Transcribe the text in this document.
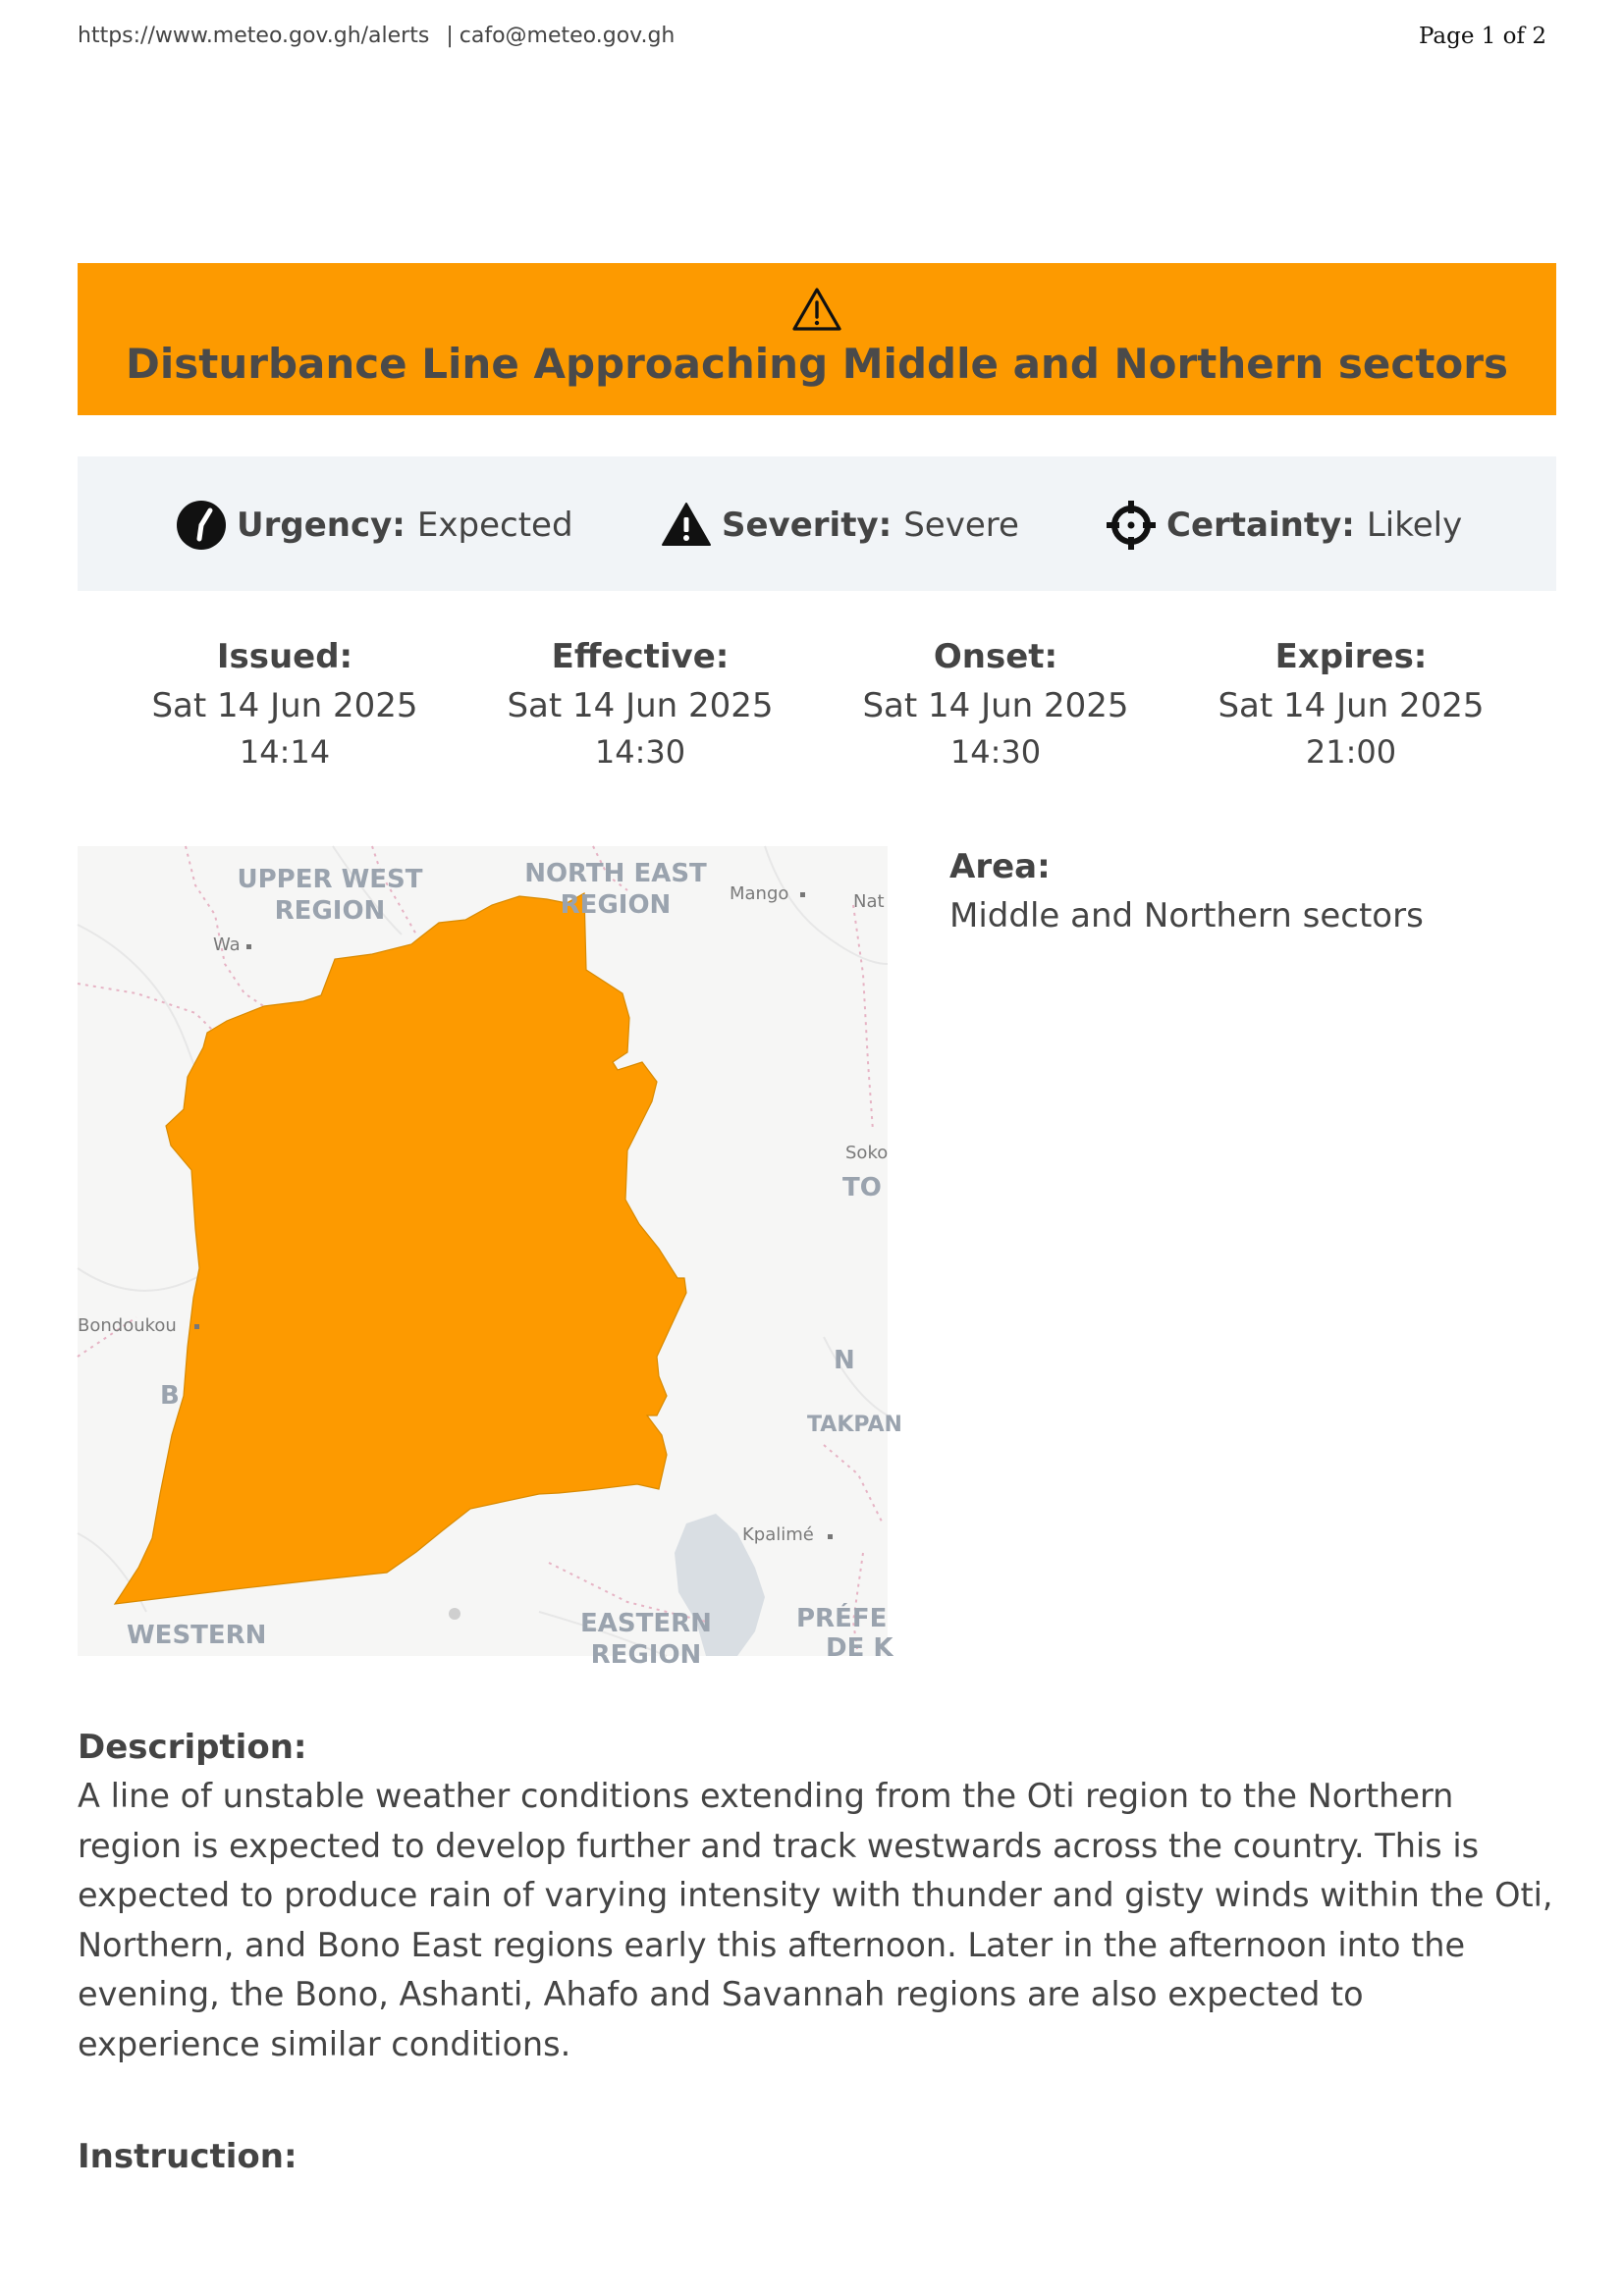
https://www.meteo.gov.gh/alerts | cafo@meteo.gov.gh	Page 1 of 2
Disturbance Line Approaching Middle and Northern sectors
Urgency: Expected	Severity: Severe	Certainty: Likely
Issued:
Sat 14 Jun 2025
14:14
Effective:
Sat 14 Jun 2025
14:30
Onset:
Sat 14 Jun 2025
14:30
Expires:
Sat 14 Jun 2025
21:00
UPPER WEST
REGION
NORTH EAST
REGION
EASTERN
REGION
WESTERN
PRÉFE
DE K
TO
N
TAKPAN
B
Wa
Mango	Nat
Soko
Bondoukou
Kpalimé
Area:
Middle and Northern sectors
Description:
A line of unstable weather conditions extending from the Oti region to the Northern
region is expected to develop further and track westwards across the country. This is
expected to produce rain of varying intensity with thunder and gisty winds within the Oti,
Northern, and Bono East regions early this afternoon. Later in the afternoon into the
evening, the Bono, Ashanti, Ahafo and Savannah regions are also expected to
experience similar conditions.
Instruction:
